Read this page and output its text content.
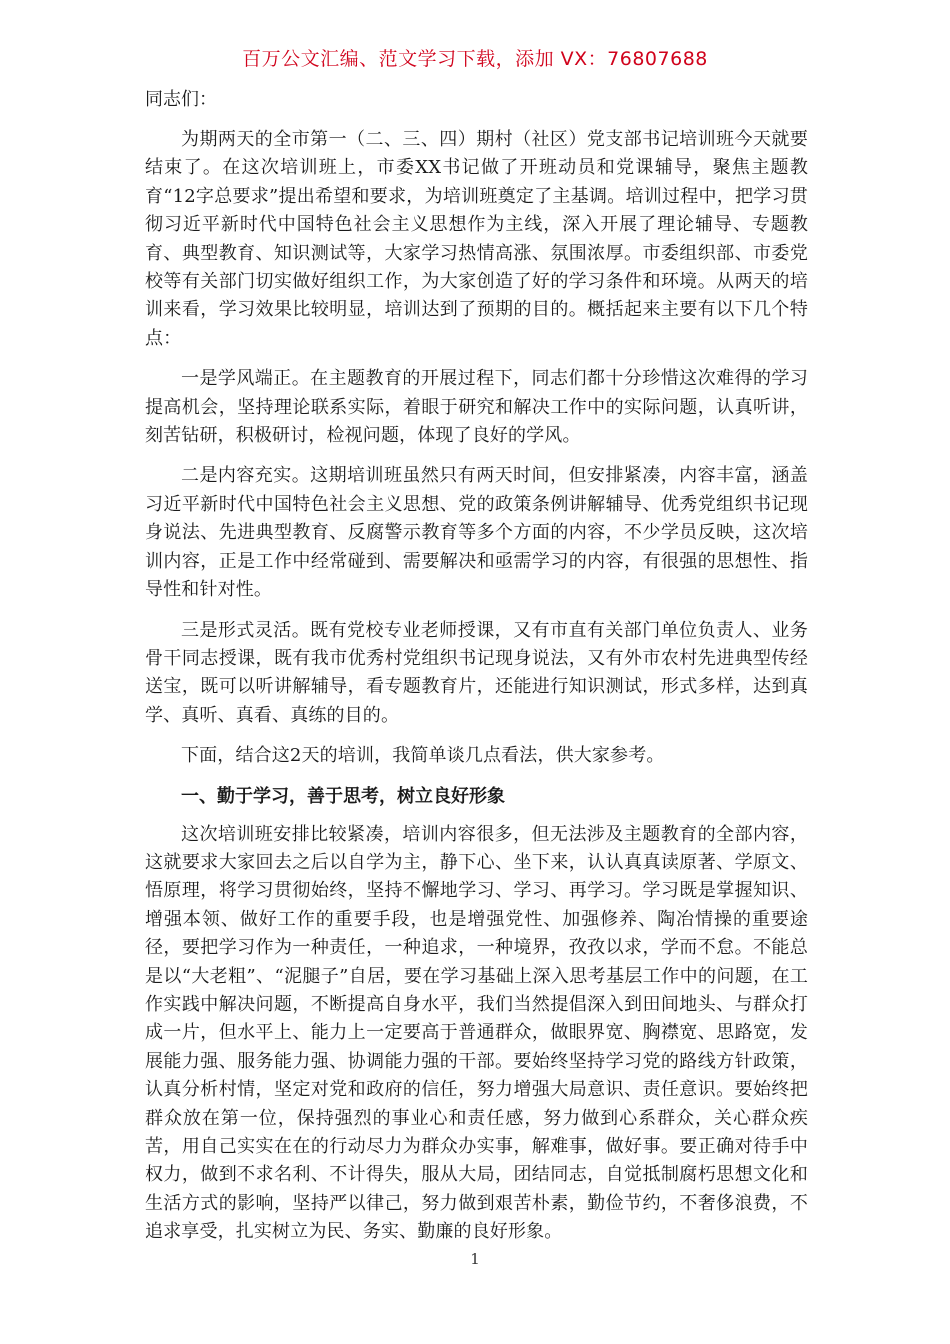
百万公文汇编、范文学习下载，添加 VX：76807688

同志们：

为期两天的全市第一（二、三、四）期村（社区）党支部书记培训班今天就要结束了。在这次培训班上，市委XX书记做了开班动员和党课辅导，聚焦主题教育“12字总要求”提出希望和要求，为培训班奠定了主基调。培训过程中，把学习贯彻习近平新时代中国特色社会主义思想作为主线，深入开展了理论辅导、专题教育、典型教育、知识测试等，大家学习热情高涨、氛围浓厚。市委组织部、市委党校等有关部门切实做好组织工作，为大家创造了好的学习条件和环境。从两天的培训来看，学习效果比较明显，培训达到了预期的目的。概括起来主要有以下几个特点：

一是学风端正。在主题教育的开展过程下，同志们都十分珍惜这次难得的学习提高机会，坚持理论联系实际，着眼于研究和解决工作中的实际问题，认真听讲，刻苦钻研，积极研讨，检视问题，体现了良好的学风。

二是内容充实。这期培训班虽然只有两天时间，但安排紧凑，内容丰富，涵盖习近平新时代中国特色社会主义思想、党的政策条例讲解辅导、优秀党组织书记现身说法、先进典型教育、反腐警示教育等多个方面的内容，不少学员反映，这次培训内容，正是工作中经常碰到、需要解决和亟需学习的内容，有很强的思想性、指导性和针对性。

三是形式灵活。既有党校专业老师授课，又有市直有关部门单位负责人、业务骨干同志授课，既有我市优秀村党组织书记现身说法，又有外市农村先进典型传经送宝，既可以听讲解辅导，看专题教育片，还能进行知识测试，形式多样，达到真学、真听、真看、真练的目的。

下面，结合这2天的培训，我简单谈几点看法，供大家参考。

一、勤于学习，善于思考，树立良好形象

这次培训班安排比较紧凑，培训内容很多，但无法涉及主题教育的全部内容，这就要求大家回去之后以自学为主，静下心、坐下来，认认真真读原著、学原文、悟原理，将学习贯彻始终，坚持不懈地学习、学习、再学习。学习既是掌握知识、增强本领、做好工作的重要手段，也是增强党性、加强修养、陶冶情操的重要途径，要把学习作为一种责任，一种追求，一种境界，孜孜以求，学而不怠。不能总是以“大老粗”、“泥腿子”自居，要在学习基础上深入思考基层工作中的问题，在工作实践中解决问题，不断提高自身水平，我们当然提倡深入到田间地头、与群众打成一片，但水平上、能力上一定要高于普通群众，做眼界宽、胸襟宽、思路宽，发展能力强、服务能力强、协调能力强的干部。要始终坚持学习党的路线方针政策，认真分析村情，坚定对党和政府的信任，努力增强大局意识、责任意识。要始终把群众放在第一位，保持强烈的事业心和责任感，努力做到心系群众，关心群众疾苦，用自己实实在在的行动尽力为群众办实事，解难事，做好事。要正确对待手中权力，做到不求名利、不计得失，服从大局，团结同志，自觉抵制腐朽思想文化和生活方式的影响，坚持严以律己，努力做到艰苦朴素，勤俭节约，不奢侈浪费，不追求享受，扎实树立为民、务实、勤廉的良好形象。

1
